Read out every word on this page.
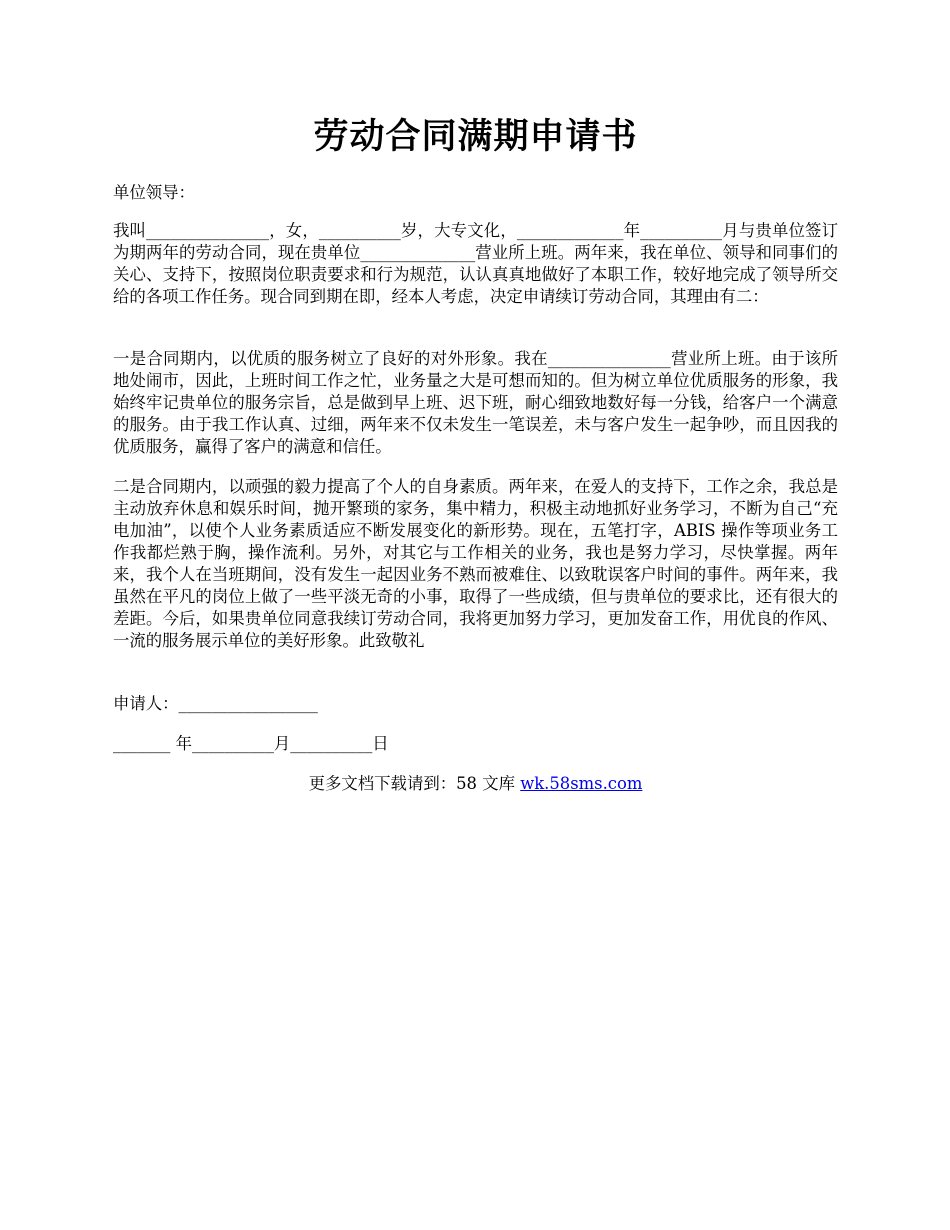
劳动合同满期申请书

单位领导：

我叫_______________，女，__________岁，大专文化，_____________年__________月与贵单位签订为期两年的劳动合同，现在贵单位______________营业所上班。两年来，我在单位、领导和同事们的关心、支持下，按照岗位职责要求和行为规范，认认真真地做好了本职工作，较好地完成了领导所交给的各项工作任务。现合同到期在即，经本人考虑，决定申请续订劳动合同，其理由有二：

一是合同期内，以优质的服务树立了良好的对外形象。我在_______________营业所上班。由于该所地处闹市，因此，上班时间工作之忙，业务量之大是可想而知的。但为树立单位优质服务的形象，我始终牢记贵单位的服务宗旨，总是做到早上班、迟下班，耐心细致地数好每一分钱，给客户一个满意的服务。由于我工作认真、过细，两年来不仅未发生一笔误差，未与客户发生一起争吵，而且因我的优质服务，赢得了客户的满意和信任。

二是合同期内，以顽强的毅力提高了个人的自身素质。两年来，在爱人的支持下，工作之余，我总是主动放弃休息和娱乐时间，抛开繁琐的家务，集中精力，积极主动地抓好业务学习，不断为自己“充电加油”，以使个人业务素质适应不断发展变化的新形势。现在，五笔打字，ABIS 操作等项业务工作我都烂熟于胸，操作流利。另外，对其它与工作相关的业务，我也是努力学习，尽快掌握。两年来，我个人在当班期间，没有发生一起因业务不熟而被难住、以致耽误客户时间的事件。两年来，我虽然在平凡的岗位上做了一些平淡无奇的小事，取得了一些成绩，但与贵单位的要求比，还有很大的差距。今后，如果贵单位同意我续订劳动合同，我将更加努力学习，更加发奋工作，用优良的作风、一流的服务展示单位的美好形象。此致敬礼

申请人：_________________

_______ 年__________月__________日

更多文档下载请到：58 文库 wk.58sms.com
